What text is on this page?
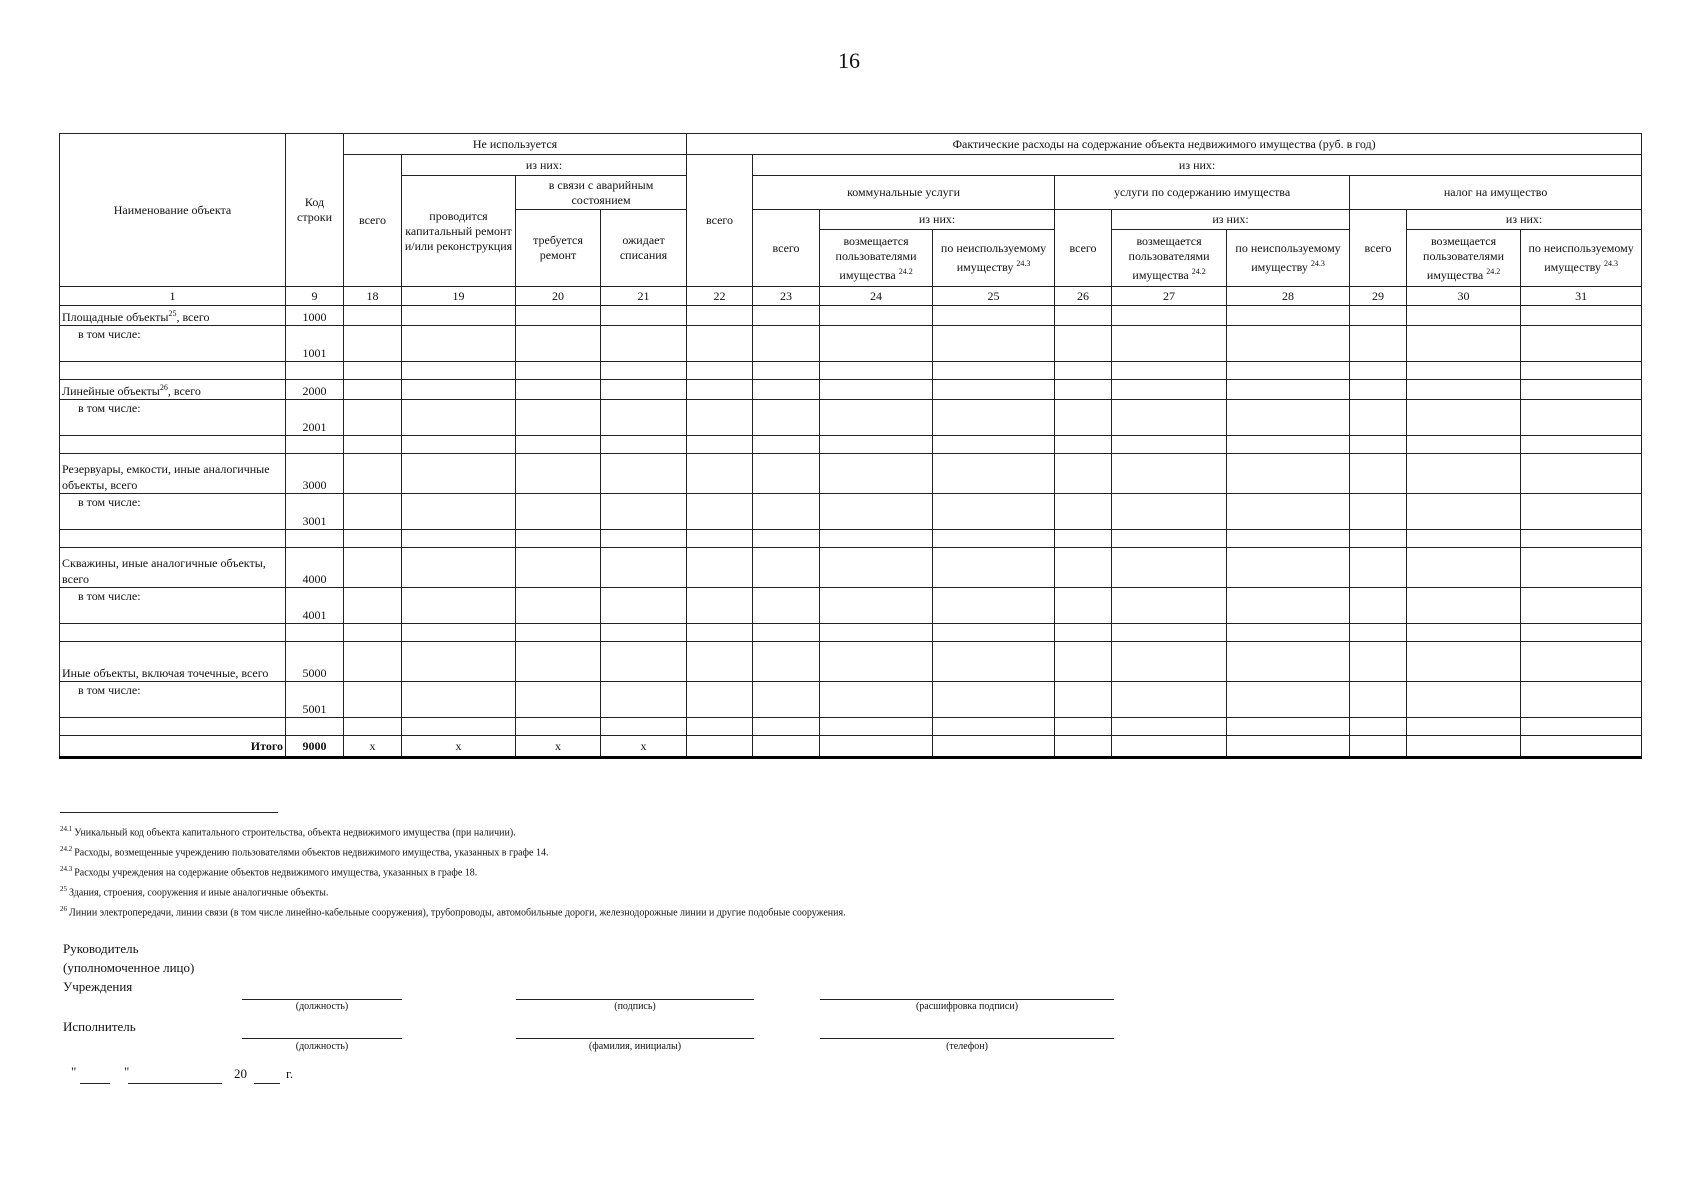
16
Наименование объекта	Код строки	Не используется				Фактические расходы на содержание объекта недвижимого имущества (руб. в год)									
		всего	из них:			всего	из них:								
			проводится капитальный ремонт и/или реконструкция	в связи с аварийным состоянием			коммунальные услуги			услуги по содержанию имущества			налог на имущество		
				требуется ремонт	ожидает списания		всего	из них:		всего	из них:		всего	из них:	
								возмещается пользователями имущества $^{24.2}$	по неиспользуемому имуществу $^{24.3}$		возмещается пользователями имущества $^{24.2}$	по неиспользуемому имуществу $^{24.3}$		возмещается пользователями имущества $^{24.2}$	по неиспользуемому имуществу $^{24.3}$
1	9	18	19	20	21	22	23	24	25	26	27	28	29	30	31
Площадные объекты$^{25}$, всего	1000														
в том числе:	1001														

Линейные объекты$^{26}$, всего	2000														
в том числе:	2001														

Резервуары, емкости, иные аналогичные объекты, всего	3000														
в том числе:	3001														

Скважины, иные аналогичные объекты, всего	4000														
в том числе:	4001														

Иные объекты, включая точечные, всего	5000														
в том числе:	5001														

Итого	9000	x	x	x	x										
$^{24.1}$ Уникальный код объекта капитального строительства, объекта недвижимого имущества (при наличии).
$^{24.2}$ Расходы, возмещенные учреждению пользователями объектов недвижимого имущества, указанных в графе 14.
$^{24.3}$ Расходы учреждения на содержание объектов недвижимого имущества, указанных в графе 18.
$^{25}$ Здания, строения, сооружения и иные аналогичные объекты.
$^{26}$ Линии электропередачи, линии связи (в том числе линейно-кабельные сооружения), трубопроводы, автомобильные дороги, железнодорожные линии и другие подобные сооружения.
Руководитель
(уполномоченное лицо)
Учреждения
(должность)	(подпись)	(расшифровка подписи)
Исполнитель
(должность)	(фамилия, инициалы)	(телефон)
"	"	20	г.
